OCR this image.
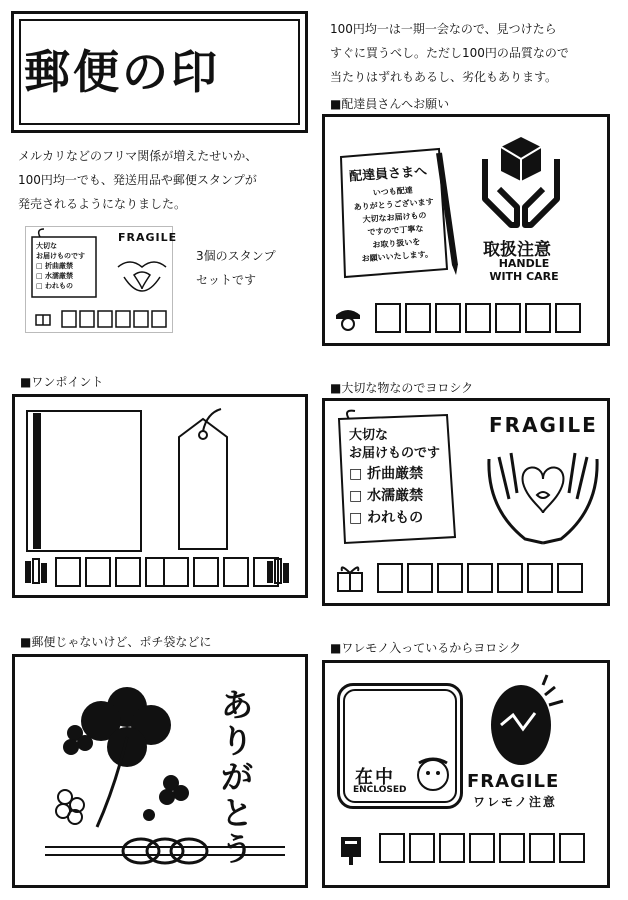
郵便の印
100円均一は一期一会なので、見つけたら
すぐに買うべし。ただし100円の品質なので
当たりはずれもあるし、劣化もあります。
メルカリなどのフリマ関係が増えたせいか、
100円均一でも、発送用品や郵便スタンプが
発売されるようになりました。
FRAGILE
大切な
お届けものです
□ 折曲厳禁
□ 水濡厳禁
□ われもの
3個のスタンプ
セットです
■配達員さんへお願い
配達員さまへ
いつも配達
ありがとうございます
大切なお届けもの
ですので丁寧な
お取り扱いを
お願いいたします。	取扱注意
HANDLE
WITH CARE
■ワンポイント	■大切な物なのでヨロシク
大切な
お届けものです
□ 折曲厳禁
□ 水濡厳禁
□ われもの
FRAGILE
■郵便じゃないけど、ポチ袋などに
ありがとう
■ワレモノ入っているからヨロシク
在中
ENCLOSED	FRAGILE
ワレモノ注意
